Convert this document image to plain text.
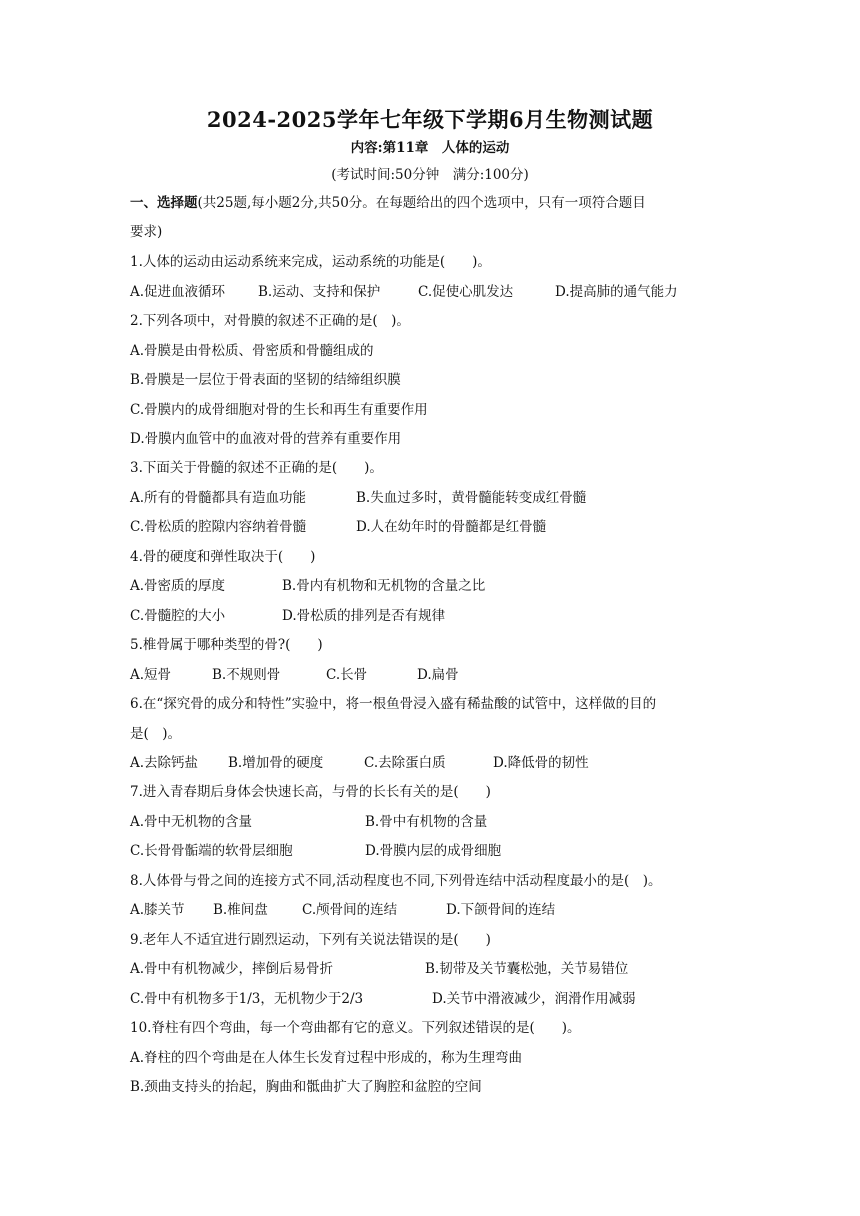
2024-2025学年七年级下学期6月生物测试题
内容:第11章　人体的运动
(考试时间:50分钟　满分:100分)
一、选择题(共25题,每小题2分,共50分。在每题给出的四个选项中，只有一项符合题目
要求)
1.人体的运动由运动系统来完成，运动系统的功能是(　　)。
A.促进血液循环 B.运动、支持和保护	C.促使心肌发达	D.提高肺的通气能力
2.下列各项中，对骨膜的叙述不正确的是(　)。
A.骨膜是由骨松质、骨密质和骨髓组成的
B.骨膜是一层位于骨表面的坚韧的结缔组织膜
C.骨膜内的成骨细胞对骨的生长和再生有重要作用
D.骨膜内血管中的血液对骨的营养有重要作用
3.下面关于骨髓的叙述不正确的是(　　)。
A.所有的骨髓都具有造血功能	B.失血过多时，黄骨髓能转变成红骨髓
C.骨松质的腔隙内容纳着骨髓	D.人在幼年时的骨髓都是红骨髓
4.骨的硬度和弹性取决于(　　)
A.骨密质的厚度	B.骨内有机物和无机物的含量之比
C.骨髓腔的大小	D.骨松质的排列是否有规律
5.椎骨属于哪种类型的骨?(　　)
A.短骨	B.不规则骨	C.长骨	D.扁骨
6.在“探究骨的成分和特性”实验中，将一根鱼骨浸入盛有稀盐酸的试管中，这样做的目的
是(　)。
A.去除钙盐 B.增加骨的硬度	C.去除蛋白质	D.降低骨的韧性
7.进入青春期后身体会快速长高，与骨的长长有关的是(　　)
A.骨中无机物的含量	B.骨中有机物的含量
C.长骨骨骺端的软骨层细胞	D.骨膜内层的成骨细胞
8.人体骨与骨之间的连接方式不同,活动程度也不同,下列骨连结中活动程度最小的是(　)。
A.膝关节 B.椎间盘	C.颅骨间的连结	D.下颌骨间的连结
9.老年人不适宜进行剧烈运动，下列有关说法错误的是(　　)
A.骨中有机物减少，摔倒后易骨折	B.韧带及关节囊松弛，关节易错位
C.骨中有机物多于1/3，无机物少于2/3	D.关节中滑液减少，润滑作用减弱
10.脊柱有四个弯曲，每一个弯曲都有它的意义。下列叙述错误的是(　　)。
A.脊柱的四个弯曲是在人体生长发育过程中形成的，称为生理弯曲
B.颈曲支持头的抬起，胸曲和骶曲扩大了胸腔和盆腔的空间
